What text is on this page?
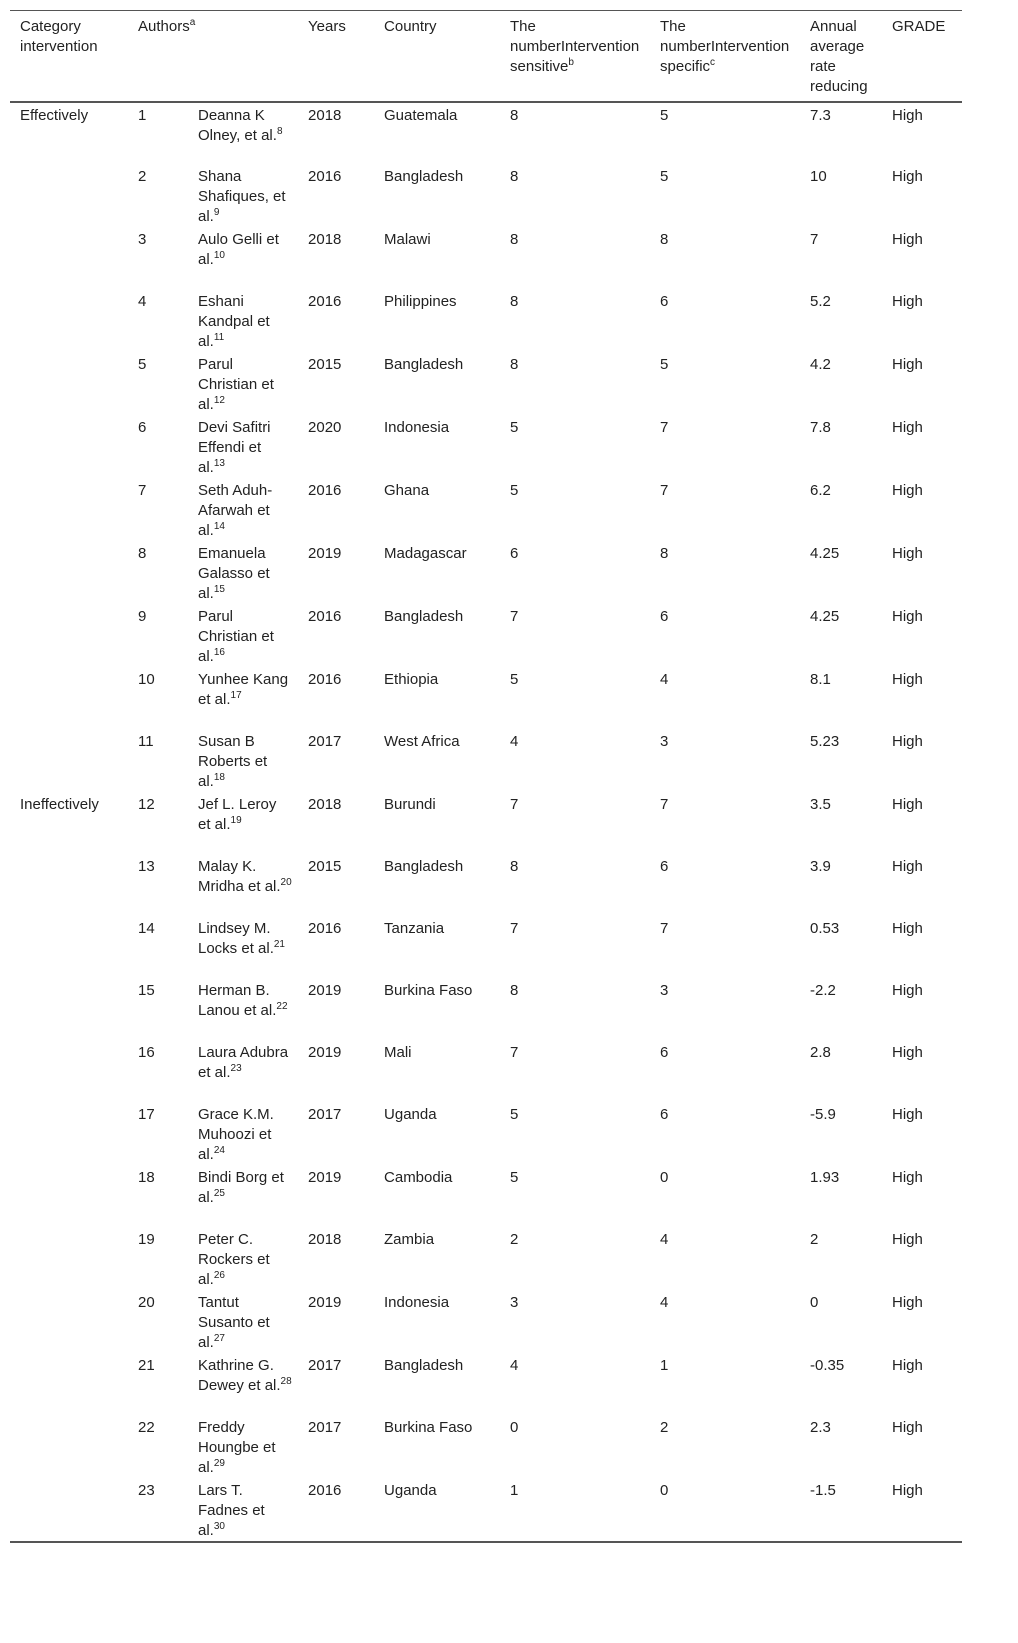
Category intervention	Authors$^a$		Years	Country	The numberIntervention sensitive$^b$	The numberIntervention specific$^c$	Annual average rate reducing	GRADE
Effectively	1	Deanna K Olney, et al.$^8$	2018	Guatemala	8	5	7.3	High
	2	Shana Shafiques, et al.$^9$	2016	Bangladesh	8	5	10	High
	3	Aulo Gelli et al.$^{10}$	2018	Malawi	8	8	7	High
	4	Eshani Kandpal et al.$^{11}$	2016	Philippines	8	6	5.2	High
	5	Parul Christian et al.$^{12}$	2015	Bangladesh	8	5	4.2	High
	6	Devi Safitri Effendi et al.$^{13}$	2020	Indonesia	5	7	7.8	High
	7	Seth Aduh-Afarwah et al.$^{14}$	2016	Ghana	5	7	6.2	High
	8	Emanuela Galasso et al.$^{15}$	2019	Madagascar	6	8	4.25	High
	9	Parul Christian et al.$^{16}$	2016	Bangladesh	7	6	4.25	High
	10	Yunhee Kang et al.$^{17}$	2016	Ethiopia	5	4	8.1	High
	11	Susan B Roberts et al.$^{18}$	2017	West Africa	4	3	5.23	High
Ineffectively	12	Jef L. Leroy et al.$^{19}$	2018	Burundi	7	7	3.5	High
	13	Malay K. Mridha et al.$^{20}$	2015	Bangladesh	8	6	3.9	High
	14	Lindsey M. Locks et al.$^{21}$	2016	Tanzania	7	7	0.53	High
	15	Herman B. Lanou et al.$^{22}$	2019	Burkina Faso	8	3	-2.2	High
	16	Laura Adubra et al.$^{23}$	2019	Mali	7	6	2.8	High
	17	Grace K.M. Muhoozi et al.$^{24}$	2017	Uganda	5	6	-5.9	High
	18	Bindi Borg et al.$^{25}$	2019	Cambodia	5	0	1.93	High
	19	Peter C. Rockers et al.$^{26}$	2018	Zambia	2	4	2	High
	20	Tantut Susanto et al.$^{27}$	2019	Indonesia	3	4	0	High
	21	Kathrine G. Dewey et al.$^{28}$	2017	Bangladesh	4	1	-0.35	High
	22	Freddy Houngbe et al.$^{29}$	2017	Burkina Faso	0	2	2.3	High
	23	Lars T. Fadnes et al.$^{30}$	2016	Uganda	1	0	-1.5	High
